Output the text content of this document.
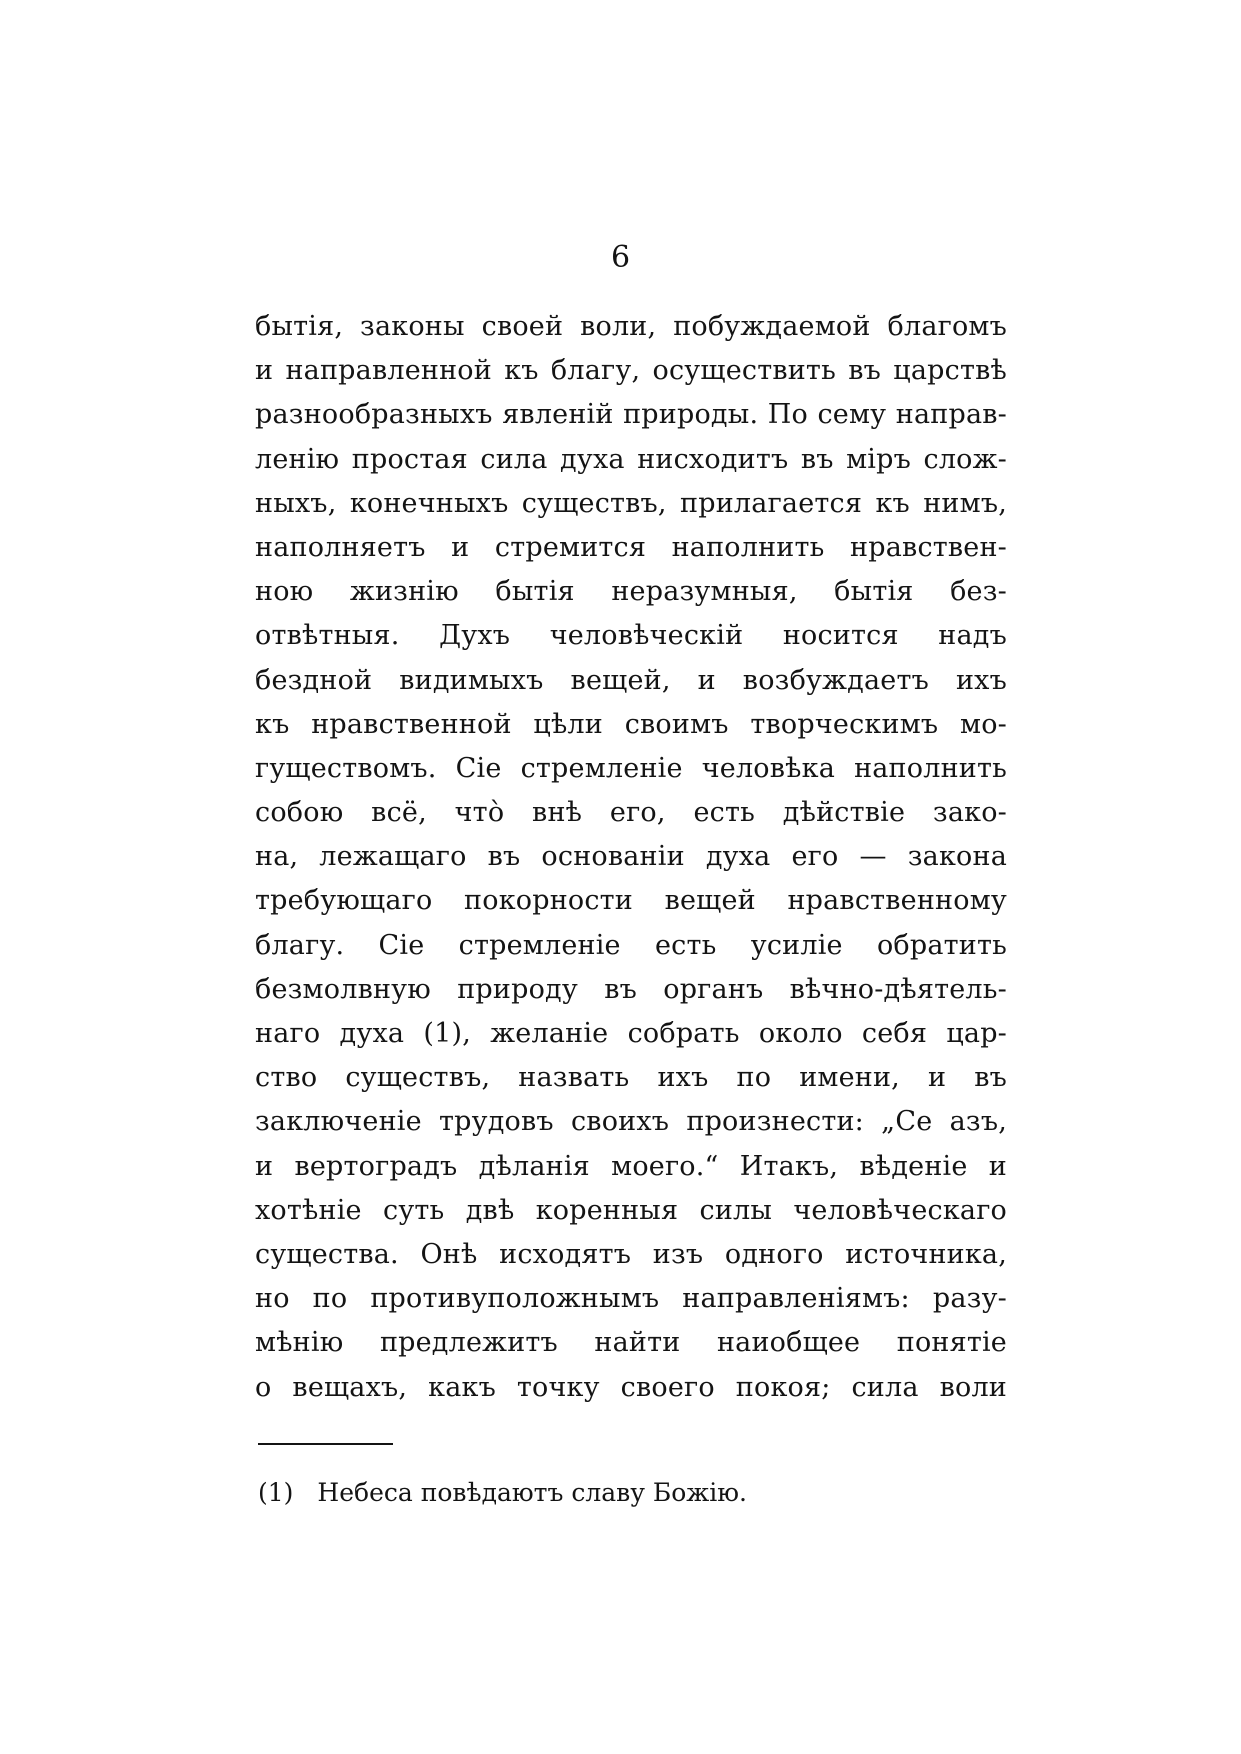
6
бытія, законы своей воли, побуждаемой благомъ
и направленной къ благу, осуществить въ царствѣ
разнообразныхъ явленій природы. По сему направ-
ленію простая сила духа нисходитъ въ міръ слож-
ныхъ, конечныхъ существъ, прилагается къ нимъ,
наполняетъ и стремится наполнить нравствен-
ною жизнію бытія неразумныя, бытія без-
отвѣтныя. Духъ человѣческій носится надъ
бездной видимыхъ вещей, и возбуждаетъ ихъ
къ нравственной цѣли своимъ творческимъ мо-
гуществомъ. Сіе стремленіе человѣка наполнить
собою всё, что̀ внѣ его, есть дѣйствіе зако-
на, лежащаго въ основаніи духа его — закона
требующаго покорности вещей нравственному
благу. Сіе стремленіе есть усиліе обратить
безмолвную природу въ органъ вѣчно-дѣятель-
наго духа (1), желаніе собрать около себя цар-
ство существъ, назвать ихъ по имени, и въ
заключеніе трудовъ своихъ произнести: „Се азъ,
и вертоградъ дѣланія моего.“ Итакъ, вѣденіе и
хотѣніе суть двѣ коренныя силы человѣческаго
существа. Онѣ исходятъ изъ одного источника,
но по противуположнымъ направленіямъ: разу-
мѣнію предлежитъ найти наиобщее понятіе
о вещахъ, какъ точку своего покоя; сила воли
(1) Небеса повѣдаютъ славу Божію.
